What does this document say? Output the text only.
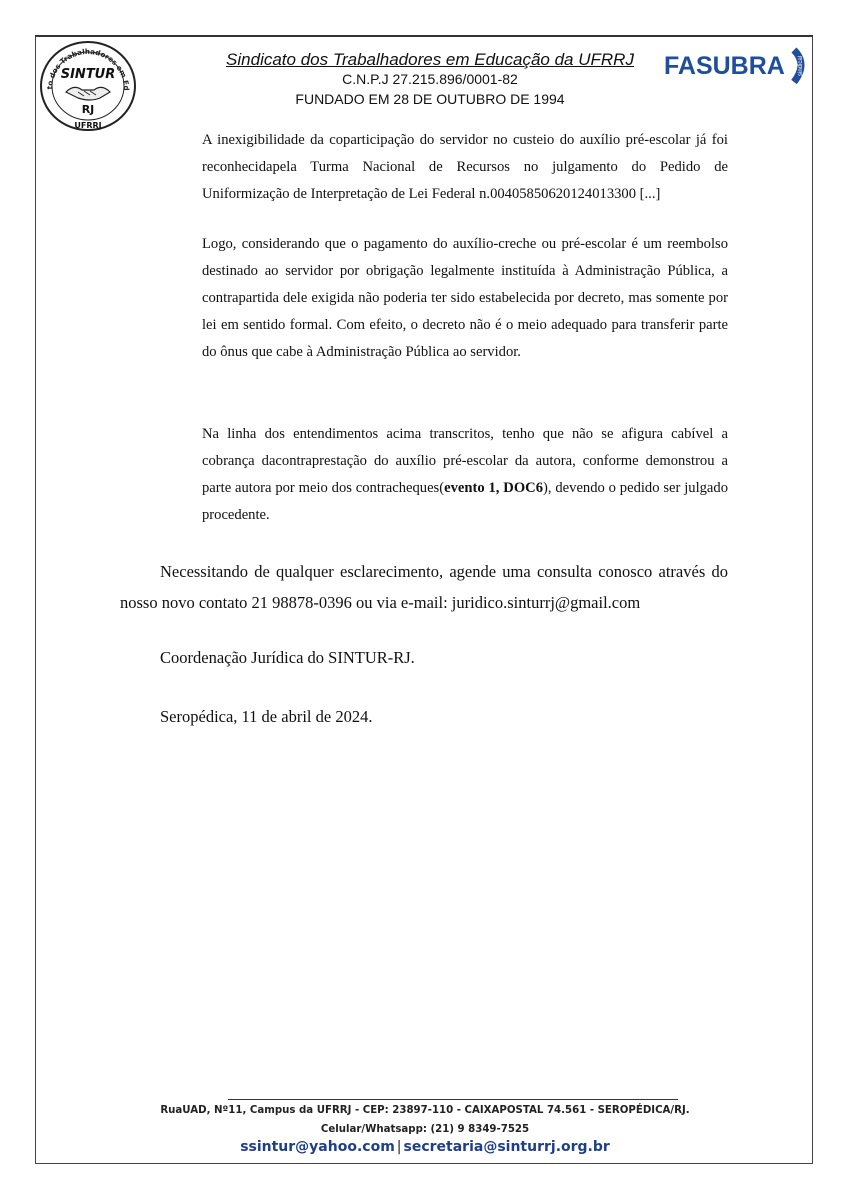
to dos Trabalhadores em Ed
SINTUR
RJ
UFRRJ
FASUBRA sindical
Sindicato dos Trabalhadores em Educação da UFRRJ
C.N.P.J 27.215.896/0001-82
FUNDADO EM 28 DE OUTUBRO DE 1994
A inexigibilidade da coparticipação do servidor no custeio do auxílio pré-escolar já foi reconhecidapela Turma Nacional de Recursos no julgamento do Pedido de Uniformização de Interpretação de Lei Federal n.00405850620124013300 [...]
Logo, considerando que o pagamento do auxílio-creche ou pré-escolar é um reembolso destinado ao servidor por obrigação legalmente instituída à Administração Pública, a contrapartida dele exigida não poderia ter sido estabelecida por decreto, mas somente por lei em sentido formal. Com efeito, o decreto não é o meio adequado para transferir parte do ônus que cabe à Administração Pública ao servidor.
Na linha dos entendimentos acima transcritos, tenho que não se afigura cabível a cobrança dacontraprestação do auxílio pré-escolar da autora, conforme demonstrou a parte autora por meio dos contracheques(evento 1, DOC6), devendo o pedido ser julgado procedente.
Necessitando de qualquer esclarecimento, agende uma consulta conosco através do nosso novo contato 21 98878-0396 ou via e-mail: juridico.sinturrj@gmail.com
Coordenação Jurídica do SINTUR-RJ.
Seropédica, 11 de abril de 2024.
RuaUAD, Nº11, Campus da UFRRJ - CEP: 23897-110 - CAIXAPOSTAL 74.561 - SEROPÉDICA/RJ.
Celular/Whatsapp: (21) 9 8349-7525
ssintur@yahoo.com | secretaria@sinturrj.org.br
